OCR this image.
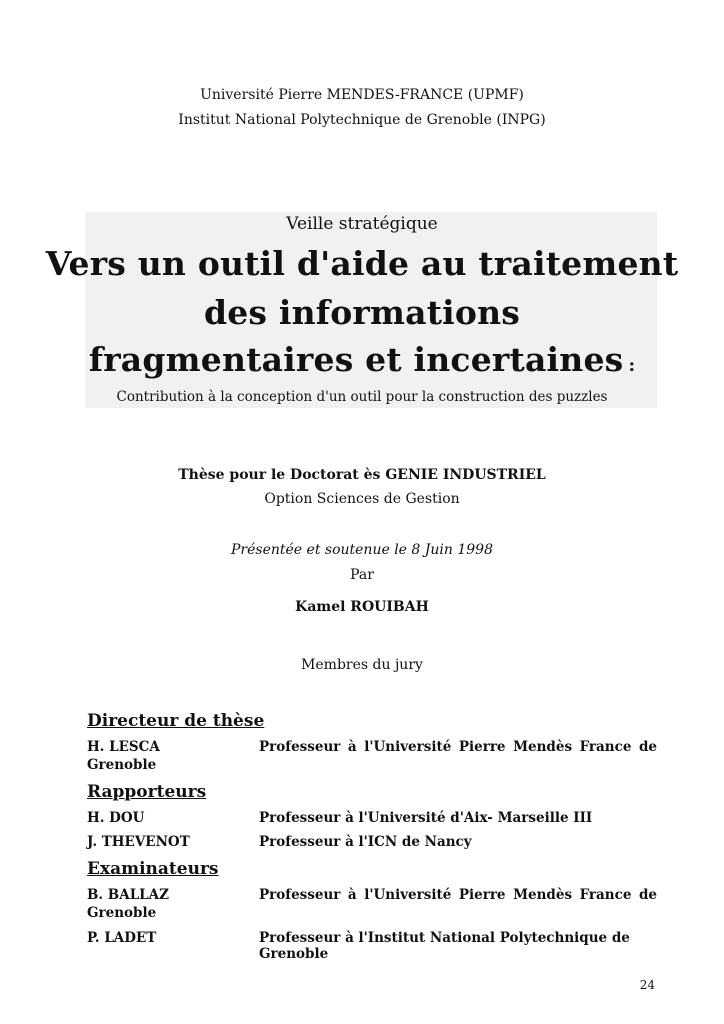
Université Pierre MENDES-FRANCE (UPMF)
Institut National Polytechnique de Grenoble (INPG)
Veille stratégique
Vers un outil d'aide au traitement
des informations
fragmentaires et incertaines :
Contribution à la conception d'un outil pour la construction des puzzles
Thèse pour le Doctorat ès GENIE INDUSTRIEL
Option Sciences de Gestion
Présentée et soutenue le 8 Juin 1998
Par
Kamel ROUIBAH
Membres du jury
Directeur de thèse
H. LESCA	Professeur à l'Université Pierre Mendès France de
Grenoble
Rapporteurs
H. DOU	Professeur à l'Université d'Aix- Marseille III
J. THEVENOT	Professeur à l'ICN de Nancy
Examinateurs
B. BALLAZ	Professeur à l'Université Pierre Mendès France de
Grenoble
P. LADET	Professeur à l'Institut National Polytechnique de Grenoble
24
